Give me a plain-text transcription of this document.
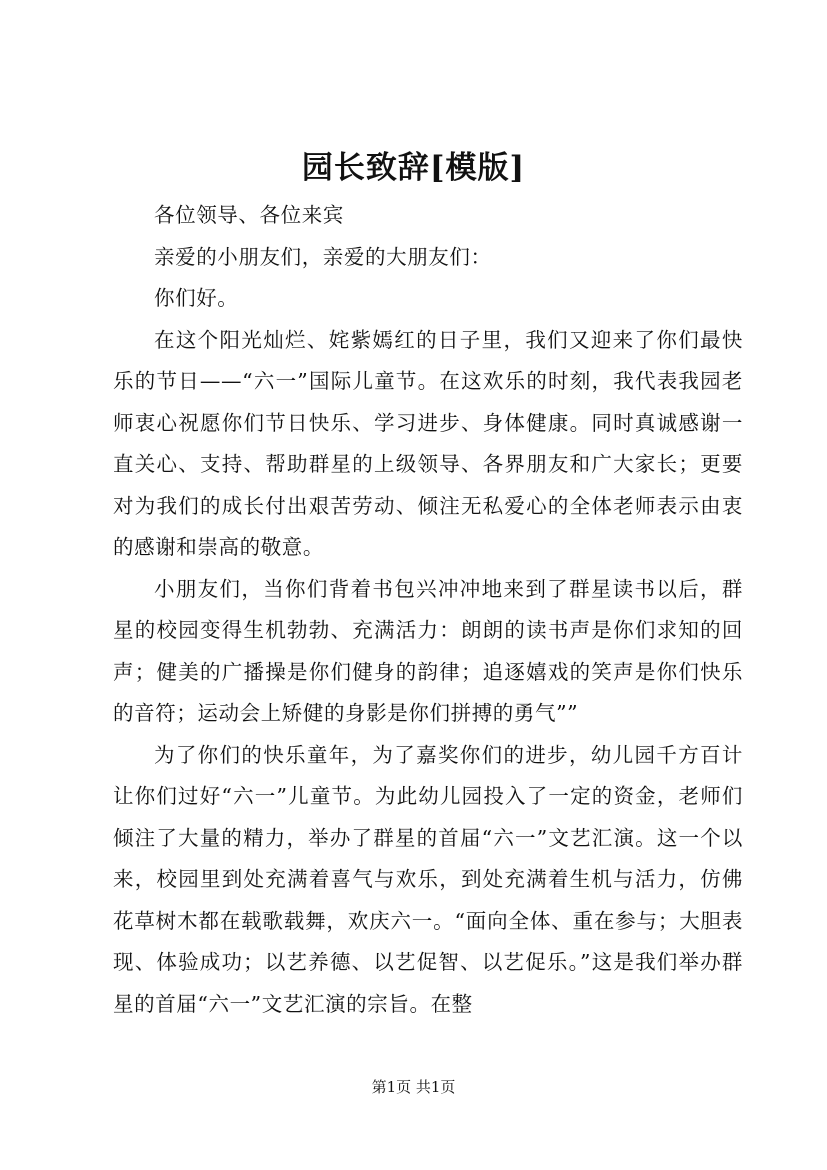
园长致辞[模版]

各位领导、各位来宾

亲爱的小朋友们，亲爱的大朋友们：

你们好。

在这个阳光灿烂、姹紫嫣红的日子里，我们又迎来了你们最快乐的节日——“六一”国际儿童节。在这欢乐的时刻，我代表我园老师衷心祝愿你们节日快乐、学习进步、身体健康。同时真诚感谢一直关心、支持、帮助群星的上级领导、各界朋友和广大家长；更要对为我们的成长付出艰苦劳动、倾注无私爱心的全体老师表示由衷的感谢和崇高的敬意。

小朋友们，当你们背着书包兴冲冲地来到了群星读书以后，群星的校园变得生机勃勃、充满活力：朗朗的读书声是你们求知的回声；健美的广播操是你们健身的韵律；追逐嬉戏的笑声是你们快乐的音符；运动会上矫健的身影是你们拼搏的勇气””

为了你们的快乐童年，为了嘉奖你们的进步，幼儿园千方百计让你们过好“六一”儿童节。为此幼儿园投入了一定的资金，老师们倾注了大量的精力，举办了群星的首届“六一”文艺汇演。这一个以来，校园里到处充满着喜气与欢乐，到处充满着生机与活力，仿佛花草树木都在载歌载舞，欢庆六一。“面向全体、重在参与；大胆表现、体验成功；以艺养德、以艺促智、以艺促乐。”这是我们举办群星的首届“六一”文艺汇演的宗旨。在整

第1页 共1页
